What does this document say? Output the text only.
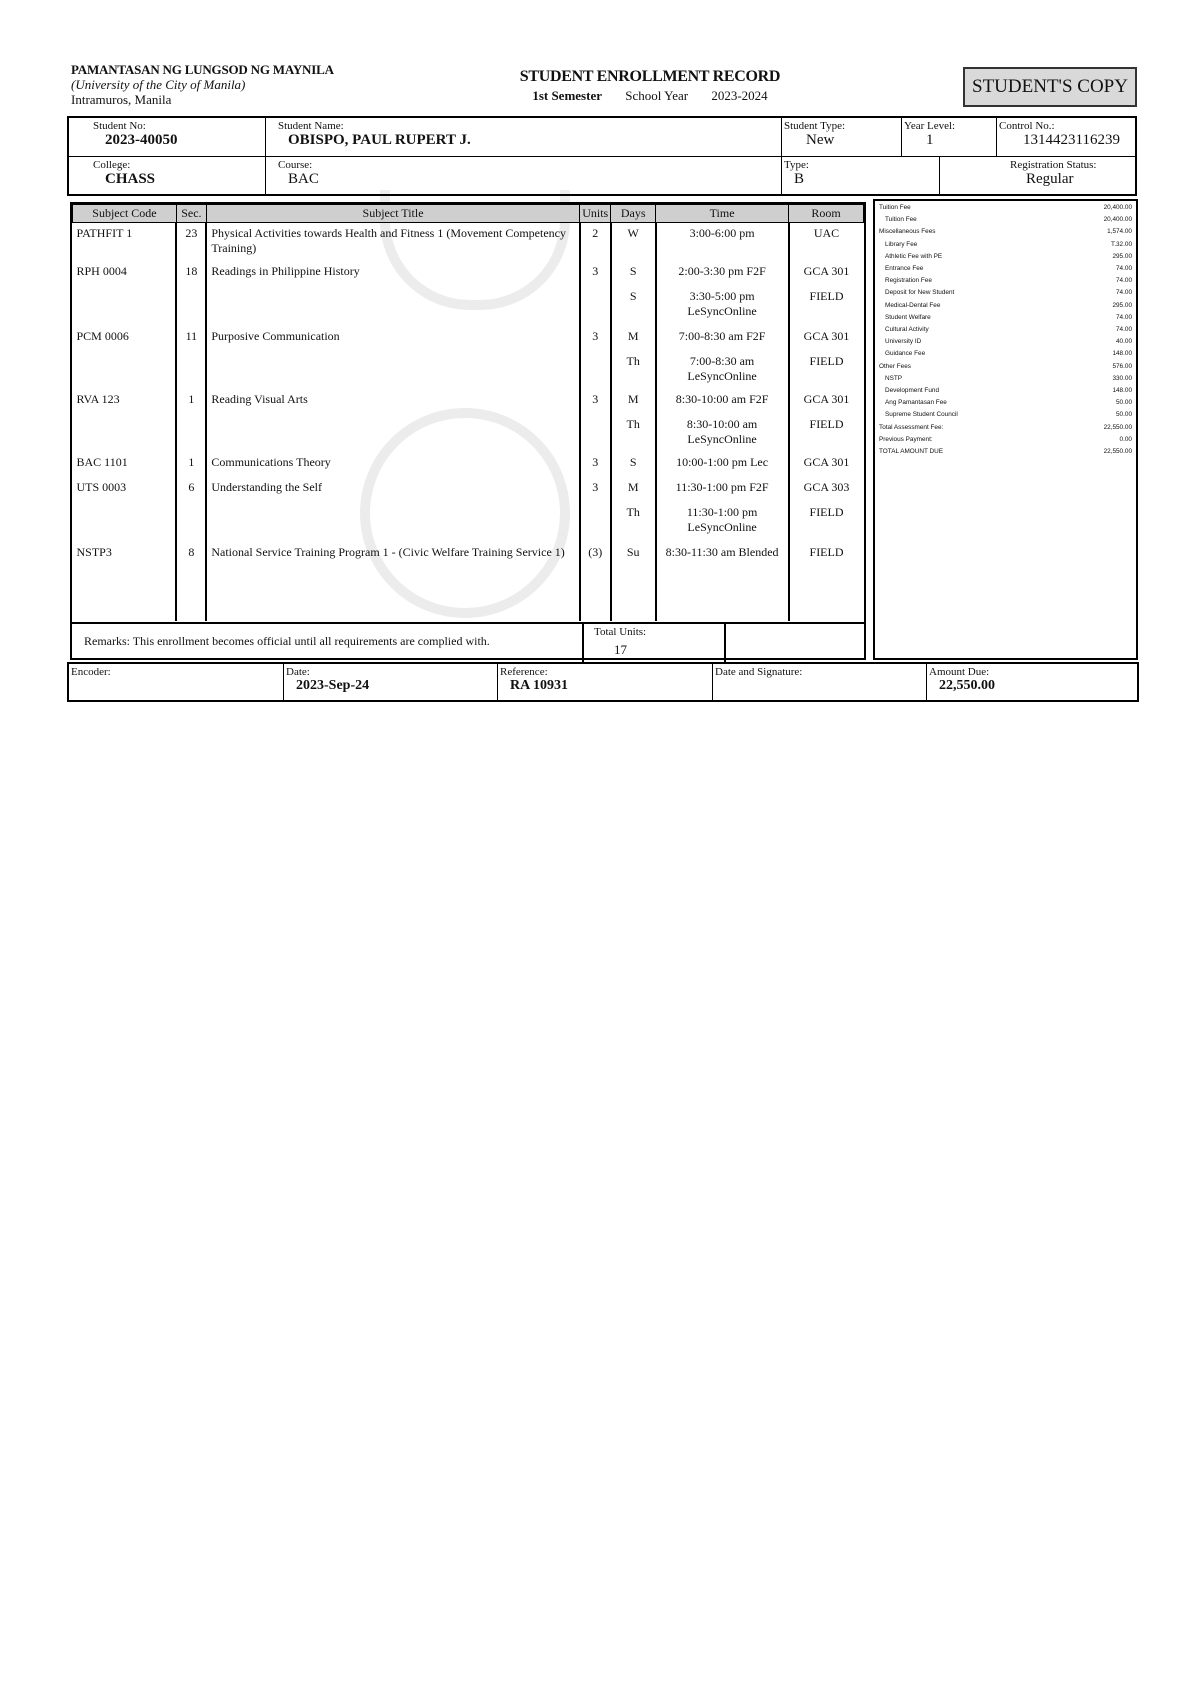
PAMANTASAN NG LUNGSOD NG MAYNILA
(University of the City of Manila)
Intramuros, Manila
STUDENT ENROLLMENT RECORD
1st Semester School Year 2023-2024	STUDENT'S COPY
Student No:
2023-40050
Student Name:
OBISPO, PAUL RUPERT J.
Student Type:
New
Year Level:
1
Control No.:
1314423116239
College:
CHASS
Course:
BAC
Type:
B
Registration Status:
Regular
Subject Code	Sec.	Subject Title	Units	Days	Time	Room
PATHFIT 1	23	Physical Activities towards Health and Fitness 1 (Movement Competency Training)	2	W	3:00-6:00 pm	UAC
RPH 0004	18	Readings in Philippine History	3	S	2:00-3:30 pm F2F	GCA 301
				S	3:30-5:00 pm LeSyncOnline	FIELD
PCM 0006	11	Purposive Communication	3	M	7:00-8:30 am F2F	GCA 301
				Th	7:00-8:30 am LeSyncOnline	FIELD
RVA 123	1	Reading Visual Arts	3	M	8:30-10:00 am F2F	GCA 301
				Th	8:30-10:00 am LeSyncOnline	FIELD
BAC 1101	1	Communications Theory	3	S	10:00-1:00 pm Lec	GCA 301
UTS 0003	6	Understanding the Self	3	M	11:30-1:00 pm F2F	GCA 303
				Th	11:30-1:00 pm LeSyncOnline	FIELD
NSTP3	8	National Service Training Program 1 - (Civic Welfare Training Service 1)	(3)	Su	8:30-11:30 am Blended	FIELD

Remarks: This enrollment becomes official until all requirements are complied with.
Total Units:
17
Tuition Fee	20,400.00
Tuition Fee	20,400.00
Miscellaneous Fees	1,574.00
Library Fee	T.32.00
Athletic Fee with PE	295.00
Entrance Fee	74.00
Registration Fee	74.00
Deposit for New Student	74.00
Medical-Dental Fee	295.00
Student Welfare	74.00
Cultural Activity	74.00
University ID	40.00
Guidance Fee	148.00
Other Fees	576.00
NSTP	330.00
Development Fund	148.00
Ang Pamantasan Fee	50.00
Supreme Student Council	50.00
Total Assessment Fee:	22,550.00
Previous Payment:	0.00
TOTAL AMOUNT DUE	22,550.00
Encoder:	Date:
2023-Sep-24
Reference:
RA 10931
Date and Signature:	Amount Due:
22,550.00
